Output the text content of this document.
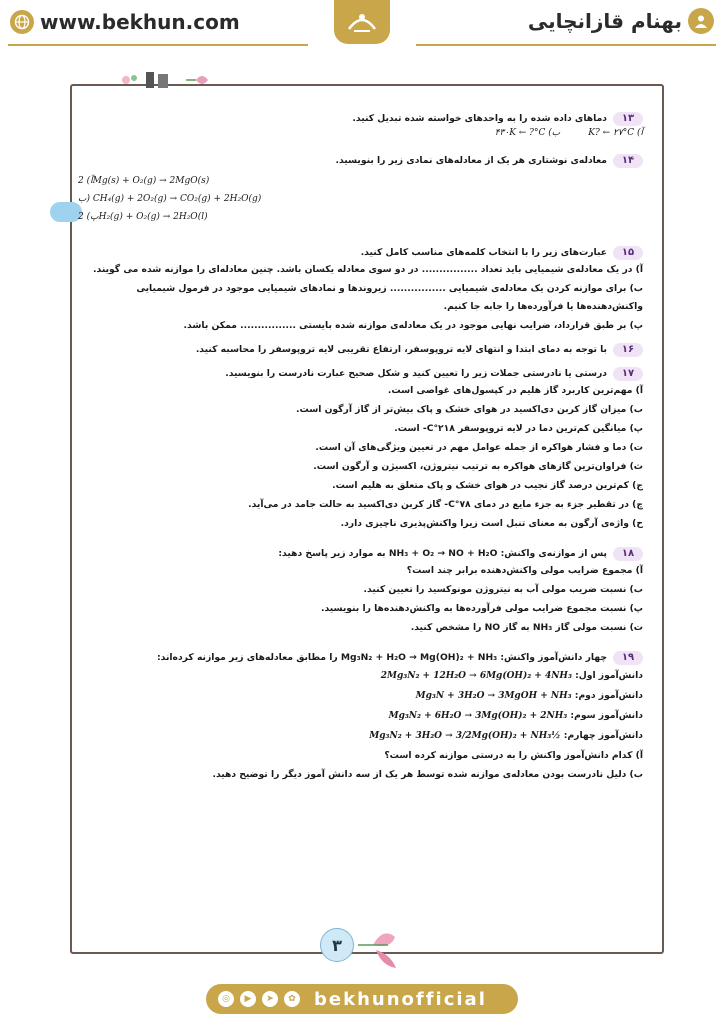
www.bekhun.com	بهنام قازانچایی
۱۳
دماهای داده شده را به واحدهای خواسته شده تبدیل کنید.
آ) K? ← ۲۷°C
ب) ۴۳۰K ← ?°C
۱۴
معادله‌ی نوشتاری هر یک از معادله‌های نمادی زیر را بنویسید.
آ) 2Mg(s) + O₂(g) → 2MgO(s)
ب) CH₄(g) + 2O₂(g) → CO₂(g) + 2H₂O(g)
پ) 2H₂(g) + O₂(g) → 2H₂O(l)
۱۵
عبارت‌های زیر را با انتخاب کلمه‌های مناسب کامل کنید.
آ) در یک معادله‌ی شیمیایی باید تعداد ................ در دو سوی معادله یکسان باشد. چنین معادله‌ای را موازنه شده می گویند.
ب) برای موازنه کردن یک معادله‌ی شیمیایی ................ زیروندها و نمادهای شیمیایی موجود در فرمول شیمیایی واکنش‌دهنده‌ها یا فرآورده‌ها را جابه جا کنیم.
پ) بر طبق قرارداد، ضرایب نهایی موجود در یک معادله‌ی موازنه شده بایستی ................ ممکن باشد.
۱۶
با توجه به دمای ابتدا و انتهای لایه تروپوسفر، ارتفاع تقریبی لایه تروپوسفر را محاسبه کنید.
۱۷
درستی یا نادرستی جملات زیر را تعیین کنید و شکل صحیح عبارت نادرست را بنویسید.
آ) مهم‌ترین کاربرد گاز هلیم در کپسول‌های غواصی است.
ب) میزان گاز کربن دی‌اکسید در هوای خشک و پاک بیش‌تر از گاز آرگون است.
پ) میانگین کم‌ترین دما در لایه تروپوسفر ۲۱۸°C- است.
ت) دما و فشار هواکره از جمله عوامل مهم در تعیین ویژگی‌های آن است.
ث) فراوان‌ترین گازهای هواکره به ترتیب نیتروژن، اکسیژن و آرگون است.
ج) کم‌ترین درصد گاز نجیب در هوای خشک و پاک متعلق به هلیم است.
چ) در تقطیر جزء به جزء مایع در دمای ۷۸°C- گاز کربن دی‌اکسید به حالت جامد در می‌آید.
ح) واژه‌ی آرگون به معنای تنبل است زیرا واکنش‌پذیری ناچیزی دارد.
۱۸
پس از موازنه‌ی واکنش: NH₃ + O₂ → NO + H₂O به موارد زیر پاسخ دهید:
آ) مجموع ضرایب مولی واکنش‌دهنده برابر چند است؟
ب) نسبت ضریب مولی آب به نیتروژن مونوکسید را تعیین کنید.
پ) نسبت مجموع ضرایب مولی فرآورده‌ها به واکنش‌دهنده‌ها را بنویسید.
ت) نسبت مولی گاز NH₃ به گاز NO را مشخص کنید.
۱۹
چهار دانش‌آموز واکنش: Mg₃N₂ + H₂O → Mg(OH)₂ + NH₃ را مطابق معادله‌های زیر موازنه کرده‌اند:
دانش‌آموز اول: 2Mg₃N₂ + 12H₂O → 6Mg(OH)₂ + 4NH₃
دانش‌آموز دوم: Mg₃N + 3H₂O → 3MgOH + NH₃
دانش‌آموز سوم: Mg₃N₂ + 6H₂O → 3Mg(OH)₂ + 2NH₃
دانش‌آموز چهارم: ½Mg₃N₂ + 3H₂O → 3/2Mg(OH)₂ + NH₃
آ) کدام دانش‌آموز واکنش را به درستی موازنه کرده است؟
ب) دلیل نادرست بودن معادله‌ی موازنه شده توسط هر یک از سه دانش آموز دیگر را توضیح دهید.
۳
◎	▶	➤	✿ bekhunofficial
